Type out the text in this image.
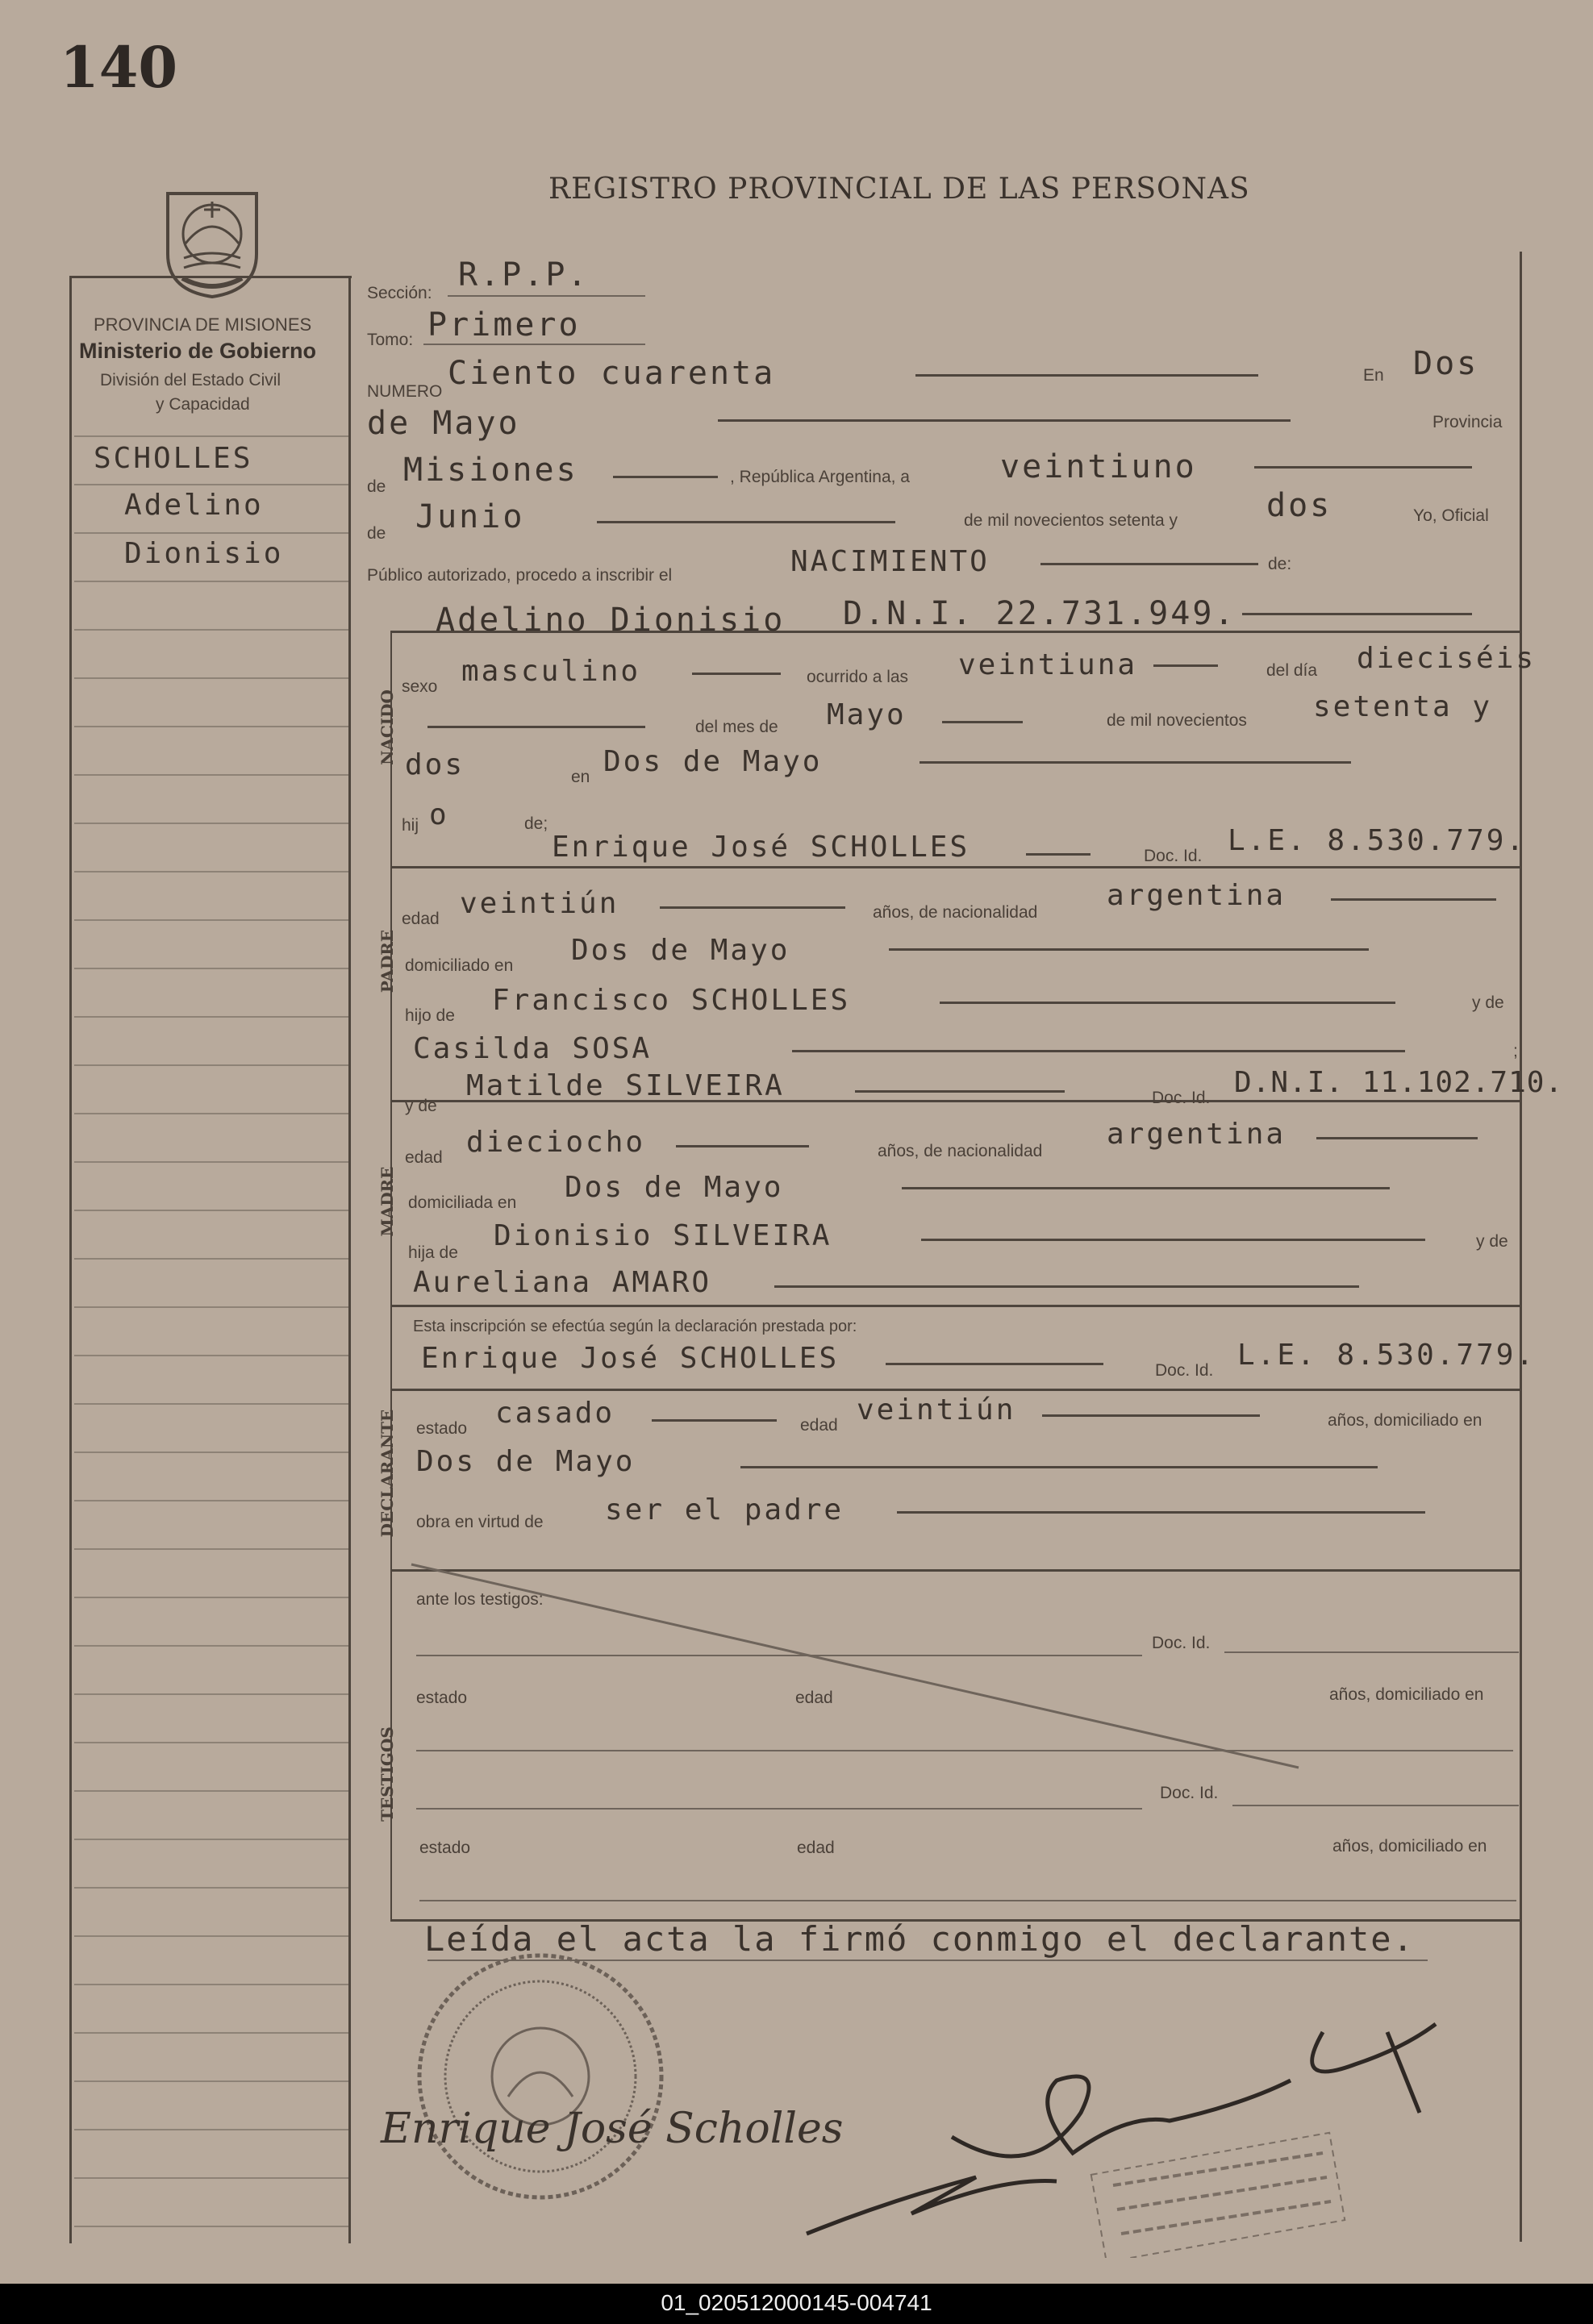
140
REGISTRO PROVINCIAL DE LAS PERSONAS
PROVINCIA DE MISIONES
Ministerio de Gobierno
División del Estado Civil
y Capacidad
SCHOLLES
Adelino
Dionisio
NACIDO
PADRE
MADRE
DECLARANTE
TESTIGOS
Sección: R.P.P.
Tomo: Primero
NUMERO Ciento cuarenta	En Dos
de Mayo	Provincia
de Misiones	, República Argentina, a	veintiuno
de Junio	de mil novecientos setenta y	dos	Yo, Oficial
Público autorizado, procedo a inscribir el	NACIMIENTO	de:
Adelino Dionisio D.N.I. 22.731.949.
sexo masculino	ocurrido a las veintiuna	del día dieciséis
del mes de Mayo	de mil novecientos setenta y
dos	en Dos de Mayo
hij o	de;
Enrique José SCHOLLES	Doc. Id. L.E. 8.530.779.
edad veintiún	años, de nacionalidad
argentina
domiciliado en Dos de Mayo
hijo de Francisco SCHOLLES	y de
Casilda SOSA	;
y de
Matilde SILVEIRA	Doc. Id. D.N.I. 11.102.710.
edad dieciocho	años, de nacionalidad
argentina
domiciliada en Dos de Mayo
hija de
Dionisio SILVEIRA	y de
Aureliana AMARO
Esta inscripción se efectúa según la declaración prestada por:
Enrique José SCHOLLES	Doc. Id. L.E. 8.530.779.
estado casado	edad veintiún	años, domiciliado en
Dos de Mayo
obra en virtud de ser el padre
ante los testigos:
Doc. Id.
estado	edad	años, domiciliado en
Doc. Id.
estado	edad	años, domiciliado en
Leída el acta la firmó conmigo el declarante.
Enrique José Scholles
01_020512000145-004741
